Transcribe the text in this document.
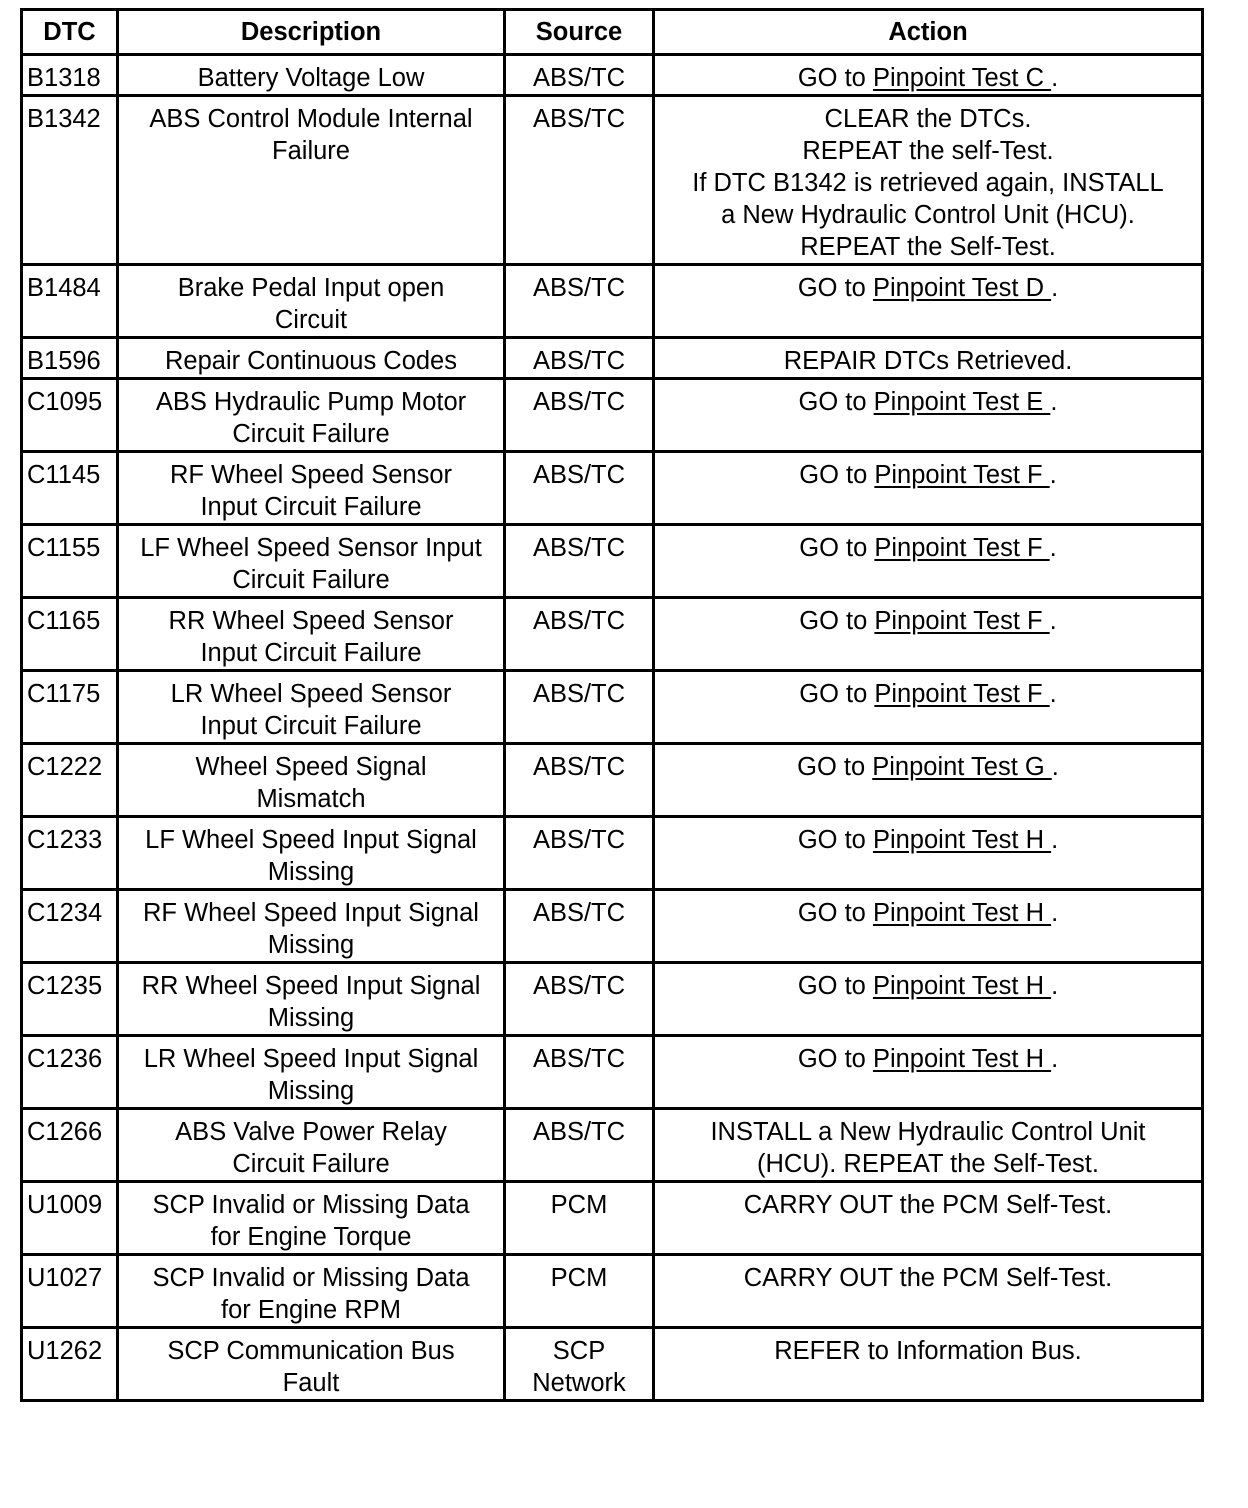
DTC	Description	Source	Action
B1318	Battery Voltage Low	ABS/TC	GO to Pinpoint Test C .

B1342	ABS Control Module Internal
Failure	ABS/TC	CLEAR the DTCs.
REPEAT the self-Test.
If DTC B1342 is retrieved again, INSTALL
a New Hydraulic Control Unit (HCU).
REPEAT the Self-Test.

B1484	Brake Pedal Input open
Circuit	ABS/TC	GO to Pinpoint Test D .

B1596	Repair Continuous Codes	ABS/TC	REPAIR DTCs Retrieved.

C1095	ABS Hydraulic Pump Motor
Circuit Failure	ABS/TC	GO to Pinpoint Test E .

C1145	RF Wheel Speed Sensor
Input Circuit Failure	ABS/TC	GO to Pinpoint Test F .

C1155	LF Wheel Speed Sensor Input
Circuit Failure	ABS/TC	GO to Pinpoint Test F .

C1165	RR Wheel Speed Sensor
Input Circuit Failure	ABS/TC	GO to Pinpoint Test F .

C1175	LR Wheel Speed Sensor
Input Circuit Failure	ABS/TC	GO to Pinpoint Test F .

C1222	Wheel Speed Signal
Mismatch	ABS/TC	GO to Pinpoint Test G .

C1233	LF Wheel Speed Input Signal
Missing	ABS/TC	GO to Pinpoint Test H .

C1234	RF Wheel Speed Input Signal
Missing	ABS/TC	GO to Pinpoint Test H .

C1235	RR Wheel Speed Input Signal
Missing	ABS/TC	GO to Pinpoint Test H .

C1236	LR Wheel Speed Input Signal
Missing	ABS/TC	GO to Pinpoint Test H .

C1266	ABS Valve Power Relay
Circuit Failure	ABS/TC	INSTALL a New Hydraulic Control Unit
(HCU). REPEAT the Self-Test.

U1009	SCP Invalid or Missing Data
for Engine Torque	PCM	CARRY OUT the PCM Self-Test.

U1027	SCP Invalid or Missing Data
for Engine RPM	PCM	CARRY OUT the PCM Self-Test.

U1262	SCP Communication Bus
Fault	SCP
Network	REFER to Information Bus.
